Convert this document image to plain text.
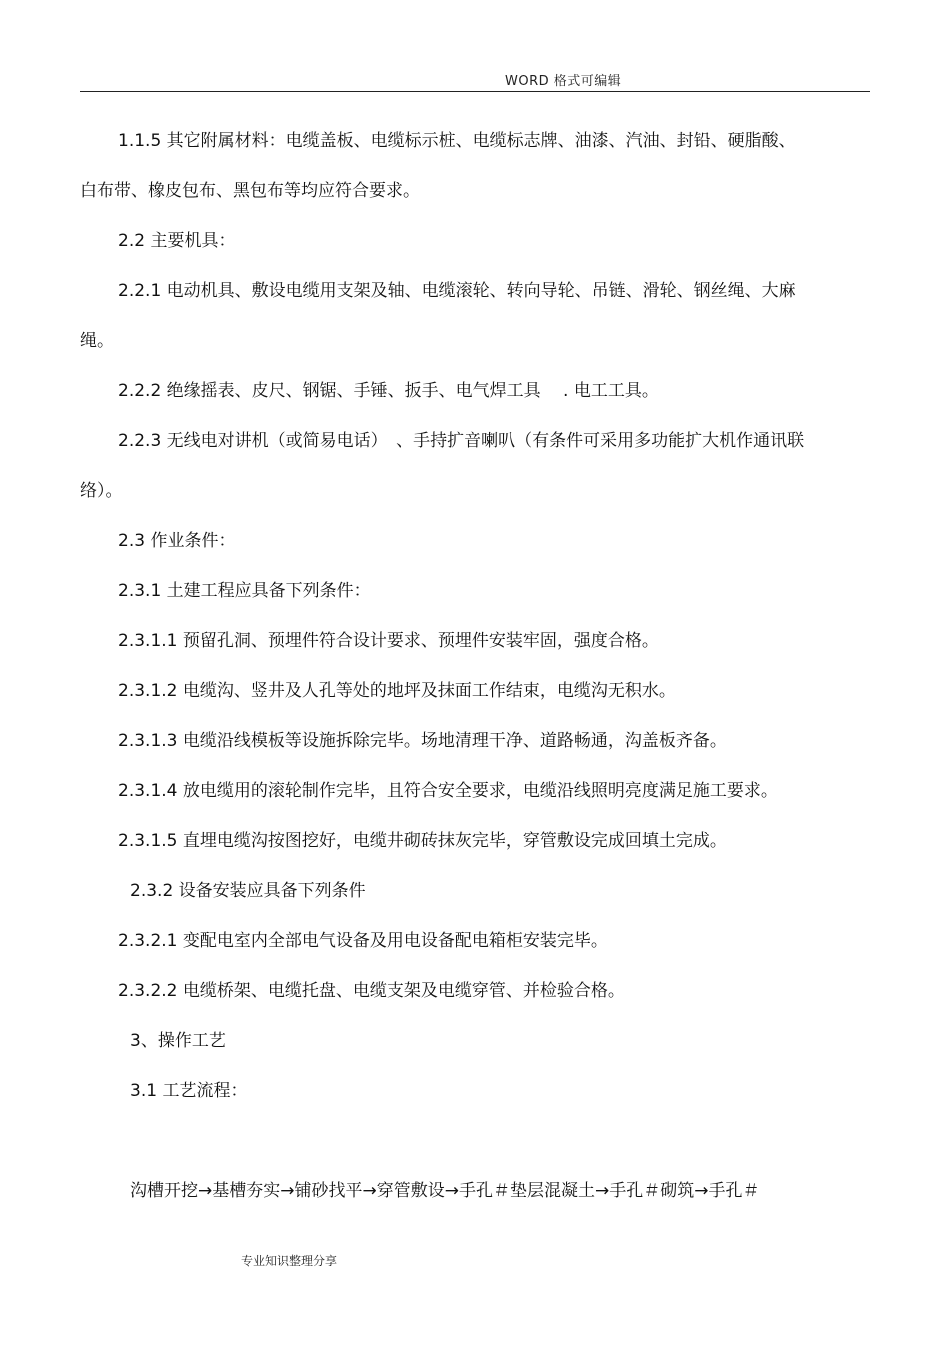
WORD 格式可编辑
1.1.5 其它附属材料：电缆盖板、电缆标示桩、电缆标志牌、油漆、汽油、封铅、硬脂酸、
白布带、橡皮包布、黑包布等均应符合要求。
2.2 主要机具：
2.2.1 电动机具、敷设电缆用支架及轴、电缆滚轮、转向导轮、吊链、滑轮、钢丝绳、大麻
绳。
2.2.2 绝缘摇表、皮尺、钢锯、手锤、扳手、电气焊工具　 . 电工工具。
2.2.3 无线电对讲机（或简易电话）　、手持扩音喇叭（有条件可采用多功能扩大机作通讯联
络）。
2.3 作业条件：
2.3.1 土建工程应具备下列条件：
2.3.1.1 预留孔洞、预埋件符合设计要求、预埋件安装牢固，强度合格。
2.3.1.2 电缆沟、竖井及人孔等处的地坪及抹面工作结束，电缆沟无积水。
2.3.1.3 电缆沿线模板等设施拆除完毕。场地清理干净、道路畅通，沟盖板齐备。
2.3.1.4 放电缆用的滚轮制作完毕，且符合安全要求，电缆沿线照明亮度满足施工要求。
2.3.1.5 直埋电缆沟按图挖好，电缆井砌砖抹灰完毕，穿管敷设完成回填土完成。
2.3.2 设备安装应具备下列条件
2.3.2.1 变配电室内全部电气设备及用电设备配电箱柜安装完毕。
2.3.2.2 电缆桥架、电缆托盘、电缆支架及电缆穿管、并检验合格。
3、操作工艺
3.1 工艺流程：
沟槽开挖→基槽夯实→铺砂找平→穿管敷设→手孔＃垫层混凝土→手孔＃砌筑→手孔＃
专业知识整理分享
